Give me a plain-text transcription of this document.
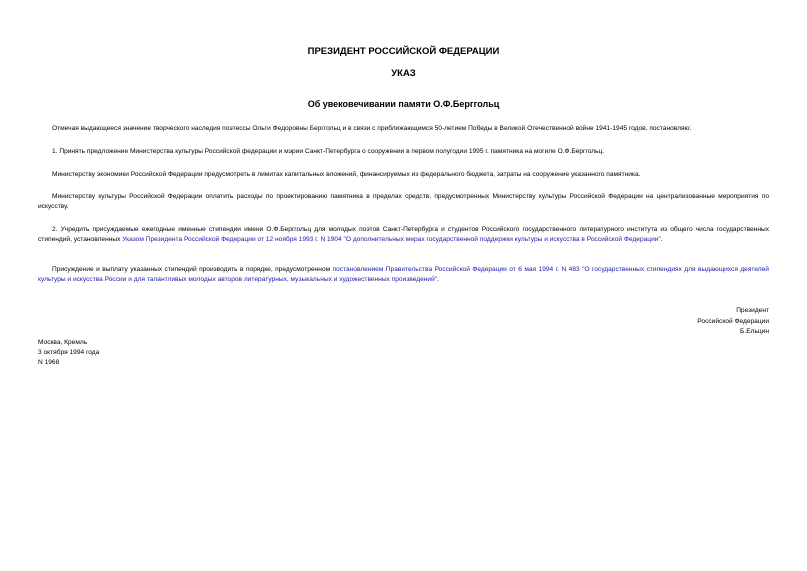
ПРЕЗИДЕНТ РОССИЙСКОЙ ФЕДЕРАЦИИ
УКАЗ
Об увековечивании памяти О.Ф.Берггольц

Отмечая выдающееся значение творческого наследия поэтессы Ольги Федоровны Берггольц и в связи с приближающимся 50-летием Победы в Великой Отечественной войне 1941-1945 годов, постановляю:

1. Принять предложение Министерства культуры Российской федерации и мэрии Санкт-Петербурга о сооружении в первом полугодии 1995 г. памятника на могиле О.Ф.Берггольц.

Министерству экономики Российской Федерации предусмотреть в лимитах капитальных вложений, финансируемых из федерального бюджета, затраты на сооружение указанного памятника.

Министерству культуры Российской Федерации оплатить расходы по проектированию памятника в пределах средств, предусмотренных Министерству культуры Российской Федерации на централизованные мероприятия по искусству.

2. Учредить присуждаемые ежегодные именные стипендии имени О.Ф.Берггольц для молодых поэтов Санкт-Петербурга и студентов Российского государственного литературного института из общего числа государственных стипендий, установленных Указом Президента Российской Федерации от 12 ноября 1993 г. N 1904 "О дополнительных мерах государственной поддержки культуры и искусства в Российской Федерации".

Присуждение и выплату указанных стипендий производить в порядке, предусмотренном постановлением Правительства Российской Федерации от 6 мая 1994 г. N 483 "О государственных стипендиях для выдающихся деятелей культуры и искусства России и для талантливых молодых авторов литературных, музыкальных и художественных произведений".

Президент
Российской Федерации
Б.Ельцин
Москва, Кремль
3 октября 1994 года
N 1968
